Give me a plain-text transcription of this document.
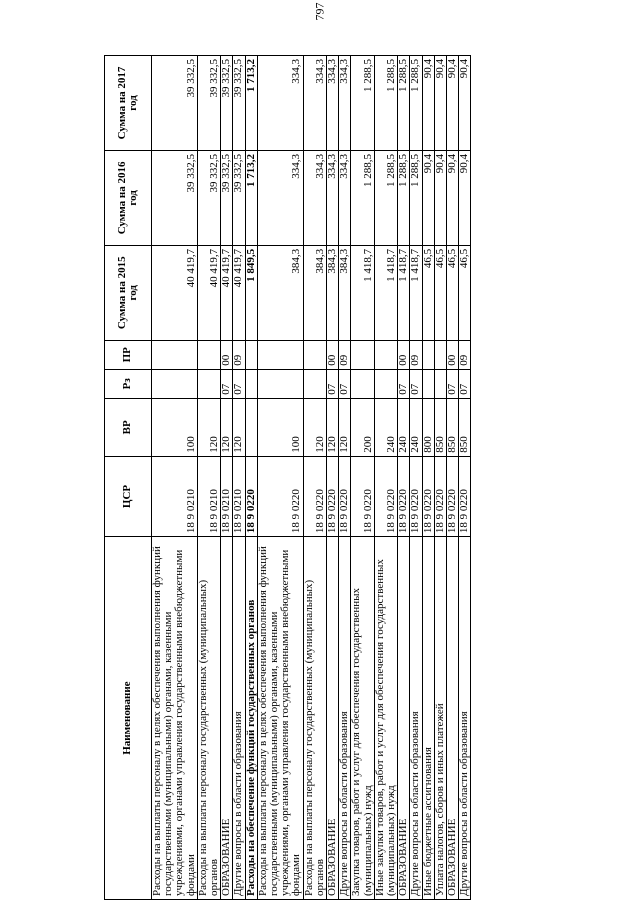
797
Наименование	ЦСР	ВР	Рз	ПР	Сумма на 2015 год	Сумма на 2016 год	Сумма на 2017 год
Расходы на выплаты персоналу в целях обеспечения выполнения функций государственными (муниципальными) органами, казенными учреждениями, органами управления государственными внебюджетными фондами	18 9 0210	100			40 419,7	39 332,5	39 332,5
Расходы на выплаты персоналу государственных (муниципальных) органов	18 9 0210	120			40 419,7	39 332,5	39 332,5
ОБРАЗОВАНИЕ	18 9 0210	120	07	00	40 419,7	39 332,5	39 332,5
Другие вопросы в области образования	18 9 0210	120	07	09	40 419,7	39 332,5	39 332,5
Расходы на обеспечение функций государственных органов	18 9 0220				1 849,5	1 713,2	1 713,2
Расходы на выплаты персоналу в целях обеспечения выполнения функций государственными (муниципальными) органами, казенными учреждениями, органами управления государственными внебюджетными фондами	18 9 0220	100			384,3	334,3	334,3
Расходы на выплаты персоналу государственных (муниципальных) органов	18 9 0220	120			384,3	334,3	334,3
ОБРАЗОВАНИЕ	18 9 0220	120	07	00	384,3	334,3	334,3
Другие вопросы в области образования	18 9 0220	120	07	09	384,3	334,3	334,3
Закупка товаров, работ и услуг для обеспечения государственных (муниципальных) нужд	18 9 0220	200			1 418,7	1 288,5	1 288,5
Иные закупки товаров, работ и услуг для обеспечения государственных (муниципальных) нужд	18 9 0220	240			1 418,7	1 288,5	1 288,5
ОБРАЗОВАНИЕ	18 9 0220	240	07	00	1 418,7	1 288,5	1 288,5
Другие вопросы в области образования	18 9 0220	240	07	09	1 418,7	1 288,5	1 288,5
Иные бюджетные ассигнования	18 9 0220	800			46,5	90,4	90,4
Уплата налогов, сборов и иных платежей	18 9 0220	850			46,5	90,4	90,4
ОБРАЗОВАНИЕ	18 9 0220	850	07	00	46,5	90,4	90,4
Другие вопросы в области образования	18 9 0220	850	07	09	46,5	90,4	90,4
